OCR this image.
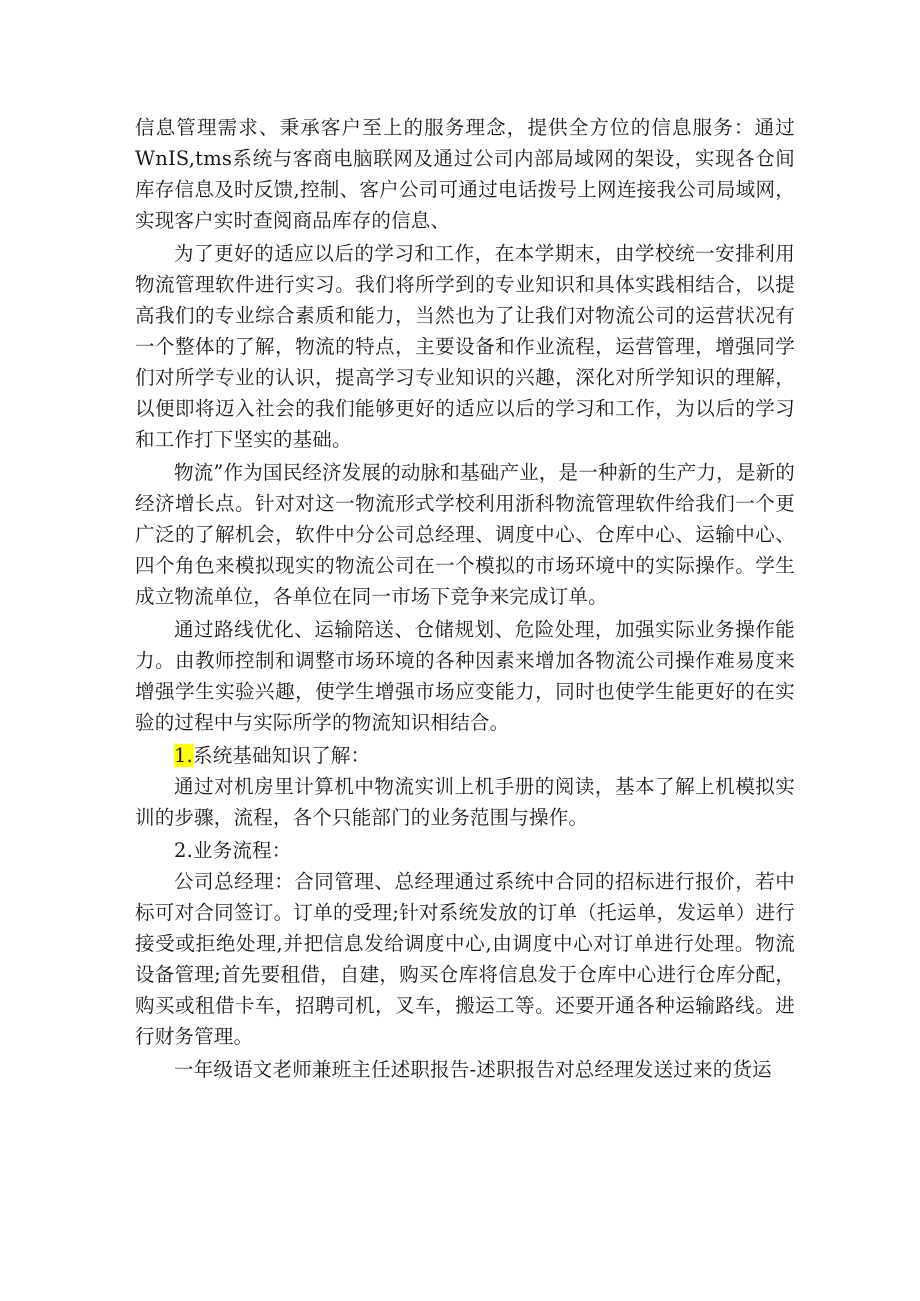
信息管理需求、秉承客户至上的服务理念，提供全方位的信息服务：通过WnIS,tms系统与客商电脑联网及通过公司内部局域网的架设，实现各仓间库存信息及时反馈,控制、客户公司可通过电话拨号上网连接我公司局域网，实现客户实时查阅商品库存的信息、

为了更好的适应以后的学习和工作，在本学期末，由学校统一安排利用物流管理软件进行实习。我们将所学到的专业知识和具体实践相结合，以提高我们的专业综合素质和能力，当然也为了让我们对物流公司的运营状况有一个整体的了解，物流的特点，主要设备和作业流程，运营管理，增强同学们对所学专业的认识，提高学习专业知识的兴趣，深化对所学知识的理解，以便即将迈入社会的我们能够更好的适应以后的学习和工作，为以后的学习和工作打下坚实的基础。

物流”作为国民经济发展的动脉和基础产业，是一种新的生产力，是新的经济增长点。针对对这一物流形式学校利用浙科物流管理软件给我们一个更广泛的了解机会，软件中分公司总经理、调度中心、仓库中心、运输中心、四个角色来模拟现实的物流公司在一个模拟的市场环境中的实际操作。学生成立物流单位，各单位在同一市场下竞争来完成订单。

通过路线优化、运输陪送、仓储规划、危险处理，加强实际业务操作能力。由教师控制和调整市场环境的各种因素来增加各物流公司操作难易度来增强学生实验兴趣，使学生增强市场应变能力，同时也使学生能更好的在实验的过程中与实际所学的物流知识相结合。

1.系统基础知识了解：

通过对机房里计算机中物流实训上机手册的阅读，基本了解上机模拟实训的步骤，流程，各个只能部门的业务范围与操作。

2.业务流程：

公司总经理：合同管理、总经理通过系统中合同的招标进行报价，若中标可对合同签订。订单的受理;针对系统发放的订单（托运单，发运单）进行接受或拒绝处理,并把信息发给调度中心,由调度中心对订单进行处理。物流设备管理;首先要租借，自建，购买仓库将信息发于仓库中心进行仓库分配，购买或租借卡车，招聘司机，叉车，搬运工等。还要开通各种运输路线。进行财务管理。

一年级语文老师兼班主任述职报告-述职报告对总经理发送过来的货运
